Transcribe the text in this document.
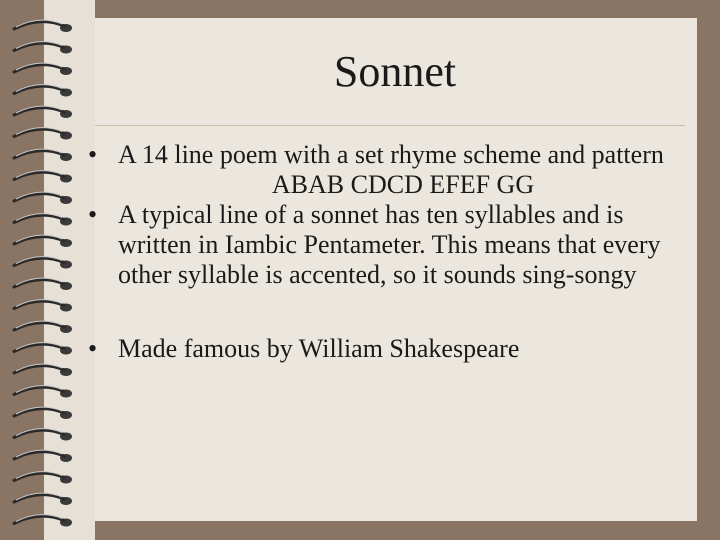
Sonnet
• A 14 line poem with a set rhyme scheme and pattern
ABAB CDCD EFEF GG
• A typical line of a sonnet has ten syllables and is written in Iambic Pentameter. This means that every other syllable is accented, so it sounds sing-songy
• Made famous by William Shakespeare
